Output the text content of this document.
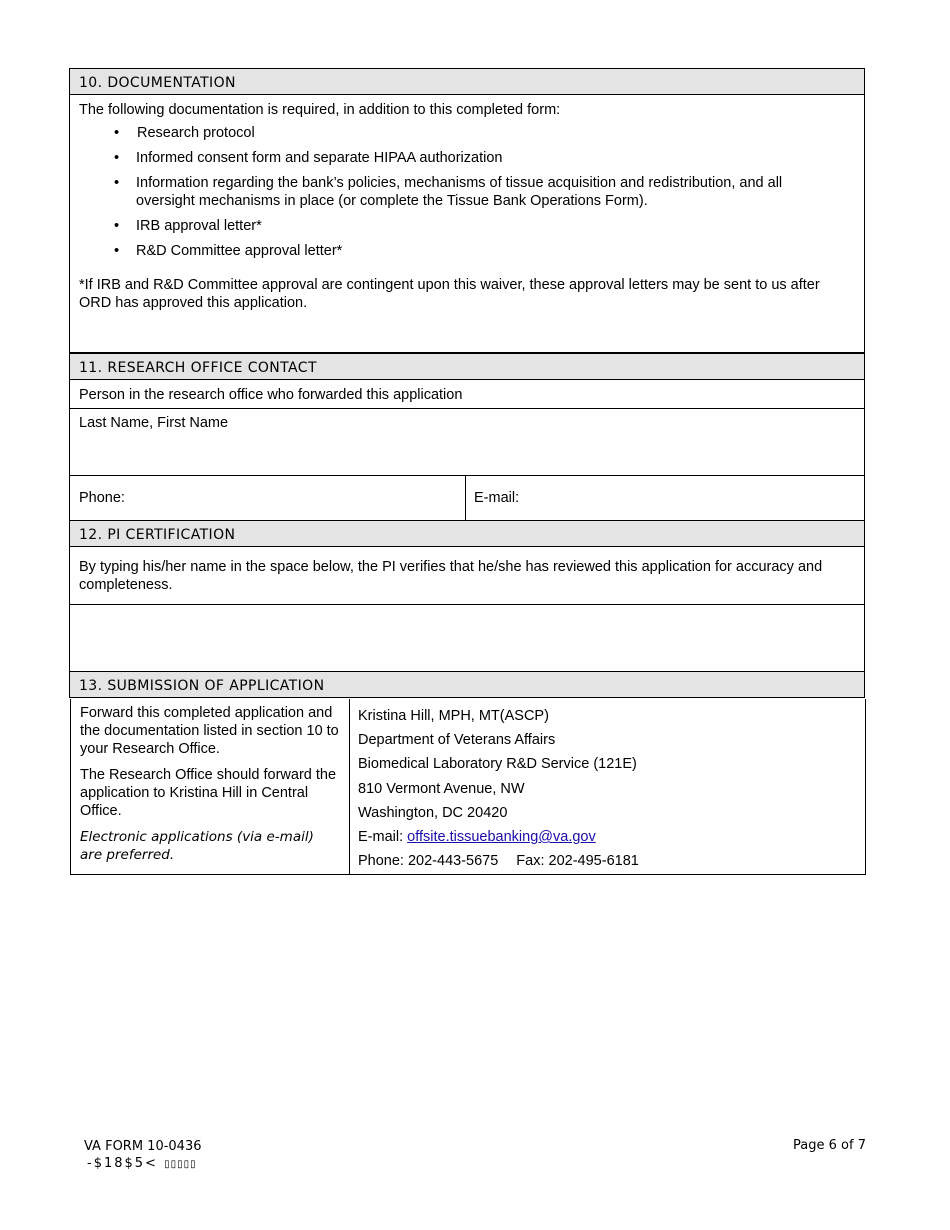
10. DOCUMENTATION
The following documentation is required, in addition to this completed form:
• Research protocol
• Informed consent form and separate HIPAA authorization
• Information regarding the bank’s policies, mechanisms of tissue acquisition and redistribution, and all oversight mechanisms in place (or complete the Tissue Bank Operations Form).
• IRB approval letter*
• R&D Committee approval letter*
*If IRB and R&D Committee approval are contingent upon this waiver, these approval letters may be sent to us after ORD has approved this application.
11. RESEARCH OFFICE CONTACT
Person in the research office who forwarded this application
Last Name, First Name
Phone:	E-mail:
12. PI CERTIFICATION
By typing his/her name in the space below, the PI verifies that he/she has reviewed this application for accuracy and completeness.
13. SUBMISSION OF APPLICATION

Forward this completed application and the documentation listed in section 10 to your Research Office.

The Research Office should forward the application to Kristina Hill in Central Office.

Electronic applications (via e-mail) are preferred.

Kristina Hill, MPH, MT(ASCP)
Department of Veterans Affairs
Biomedical Laboratory R&D Service (121E)
810 Vermont Avenue, NW
Washington, DC 20420
E-mail: offsite.tissuebanking@va.gov
Phone: 202-443-5675 Fax: 202-495-6181
VA FORM 10-0436
-$18$5< ▯▯▯▯▯
Page 6 of 7
